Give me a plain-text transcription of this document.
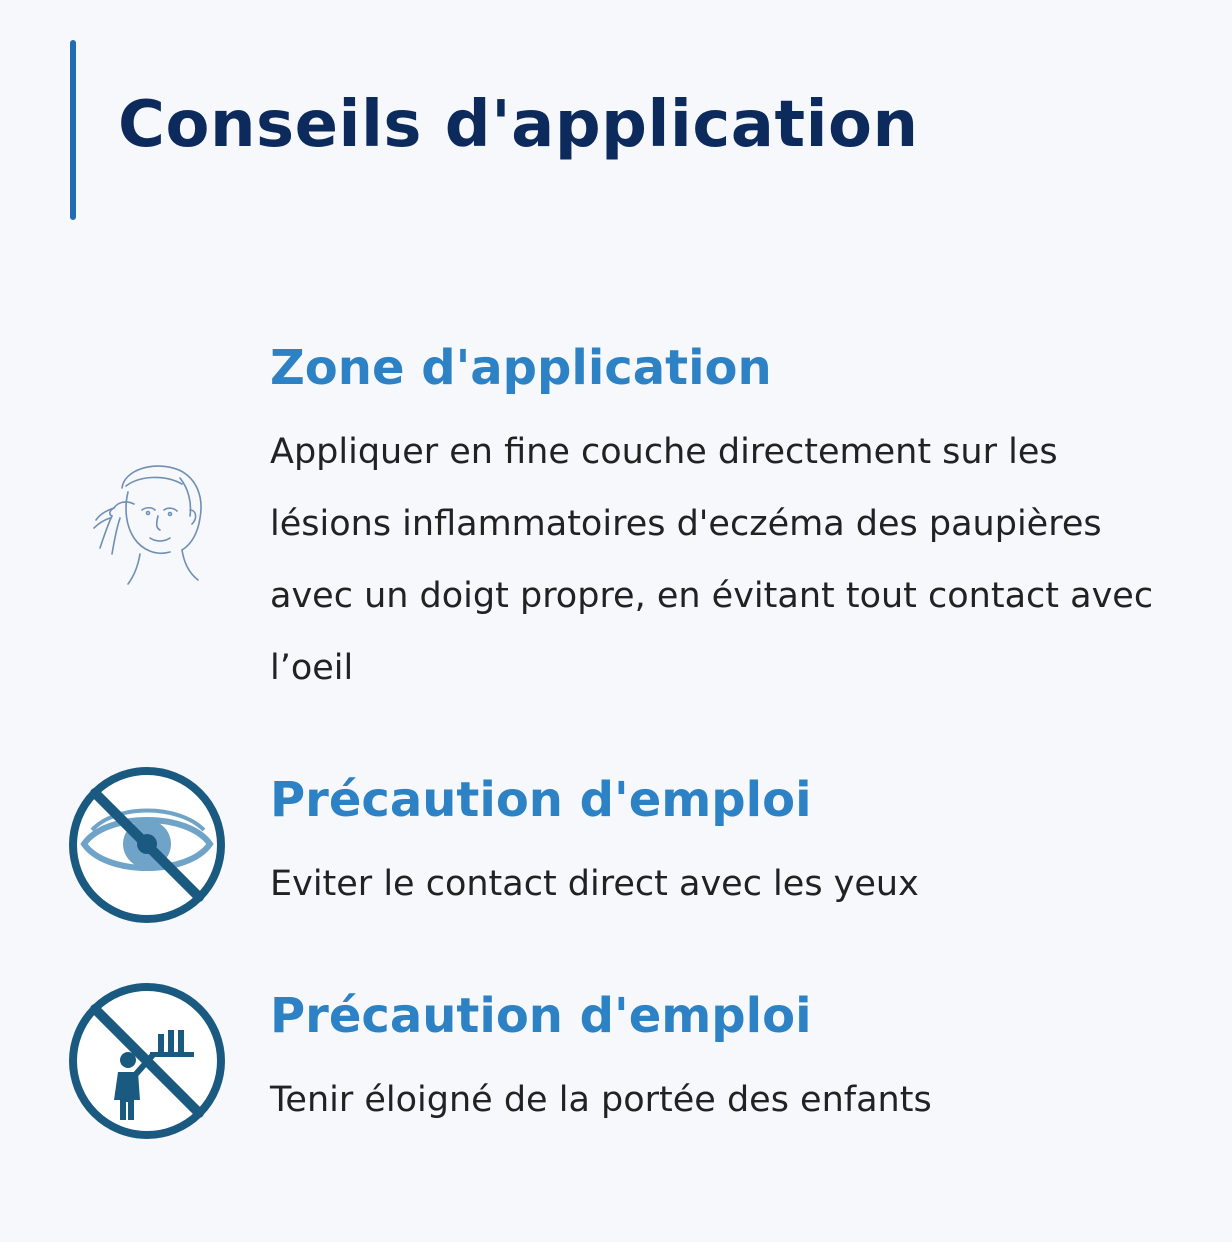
Conseils d'application
Zone d'application

Appliquer en fine couche directement sur les lésions inflammatoires d'eczéma des paupières avec un doigt propre, en évitant tout contact avec l’oeil

Précaution d'emploi

Eviter le contact direct avec les yeux

Précaution d'emploi

Tenir éloigné de la portée des enfants
